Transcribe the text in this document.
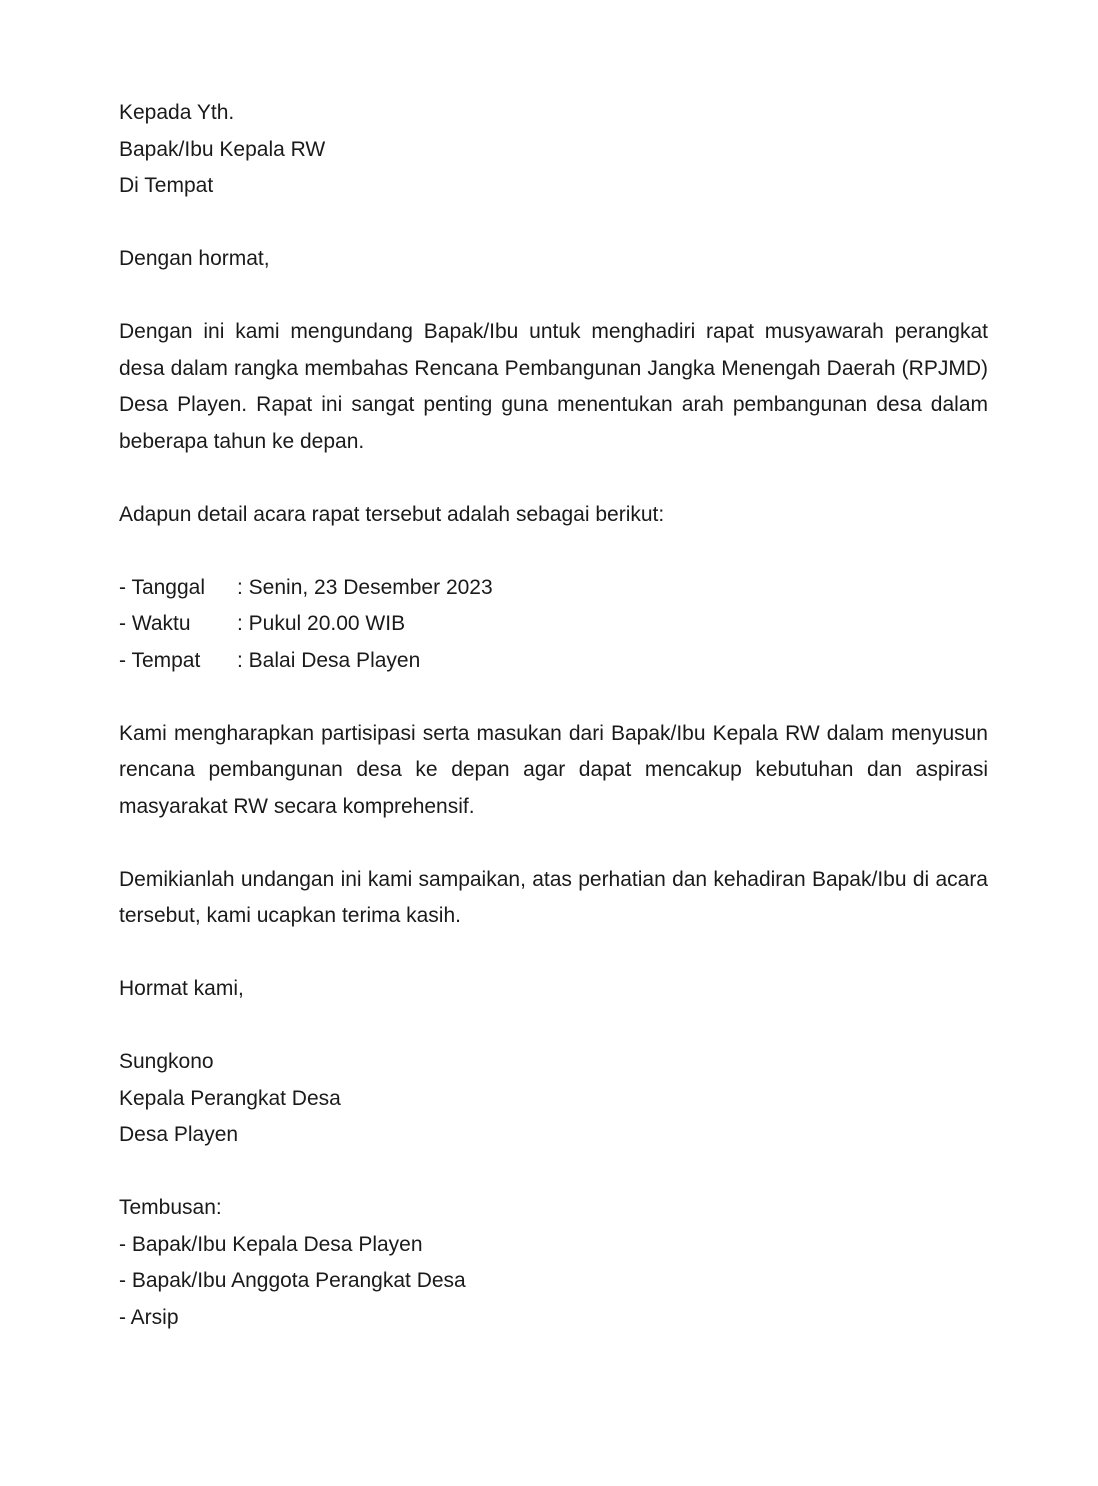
Kepada Yth.
Bapak/Ibu Kepala RW
Di Tempat

Dengan hormat,

Dengan ini kami mengundang Bapak/Ibu untuk menghadiri rapat musyawarah perangkat desa dalam rangka membahas Rencana Pembangunan Jangka Menengah Daerah (RPJMD) Desa Playen. Rapat ini sangat penting guna menentukan arah pembangunan desa dalam beberapa tahun ke depan.

Adapun detail acara rapat tersebut adalah sebagai berikut:

- Tanggal : Senin, 23 Desember 2023
- Waktu : Pukul 20.00 WIB
- Tempat : Balai Desa Playen

Kami mengharapkan partisipasi serta masukan dari Bapak/Ibu Kepala RW dalam menyusun rencana pembangunan desa ke depan agar dapat mencakup kebutuhan dan aspirasi masyarakat RW secara komprehensif.

Demikianlah undangan ini kami sampaikan, atas perhatian dan kehadiran Bapak/Ibu di acara tersebut, kami ucapkan terima kasih.

Hormat kami,

Sungkono
Kepala Perangkat Desa
Desa Playen
Tembusan:
- Bapak/Ibu Kepala Desa Playen
- Bapak/Ibu Anggota Perangkat Desa
- Arsip
